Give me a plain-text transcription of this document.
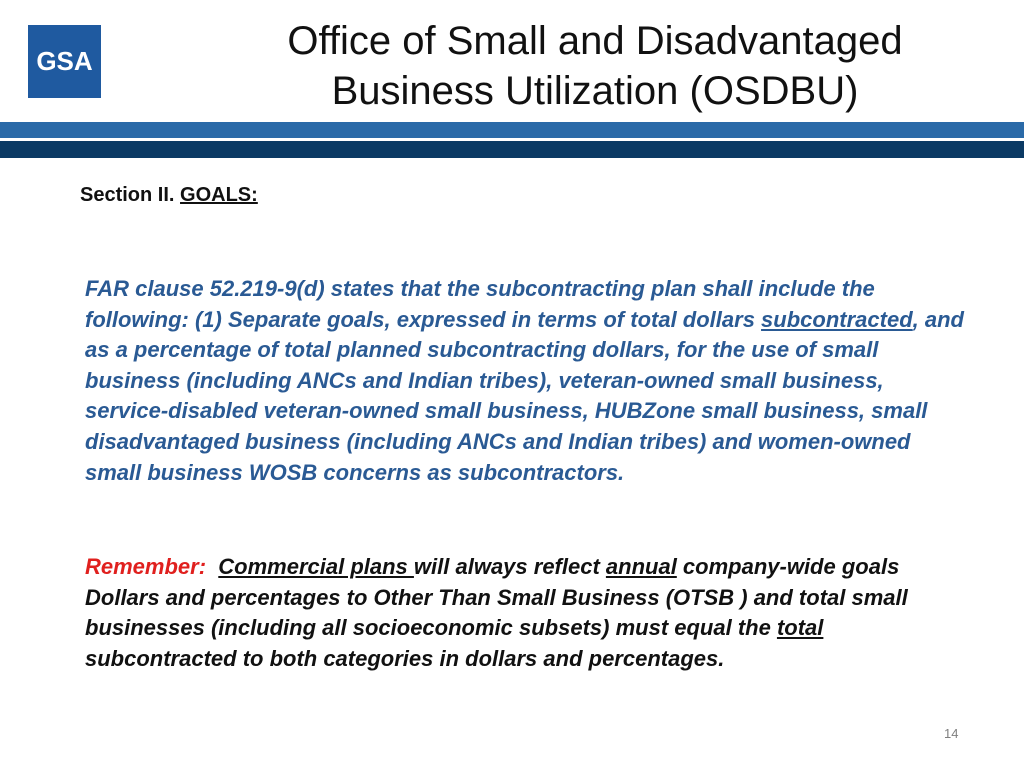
GSA	Office of Small and Disadvantaged
Business Utilization (OSDBU)
Section II. GOALS:
FAR clause 52.219-9(d) states that the subcontracting plan shall include the following: (1) Separate goals, expressed in terms of total dollars subcontracted, and as a percentage of total planned subcontracting dollars, for the use of small business (including ANCs and Indian tribes), veteran-owned small business, service-disabled veteran-owned small business, HUBZone small business, small disadvantaged business (including ANCs and Indian tribes) and women-owned small business WOSB concerns as subcontractors.
Remember: Commercial plans will always reflect annual company-wide goals Dollars and percentages to Other Than Small Business (OTSB ) and total small businesses (including all socioeconomic subsets) must equal the total subcontracted to both categories in dollars and percentages.
14
